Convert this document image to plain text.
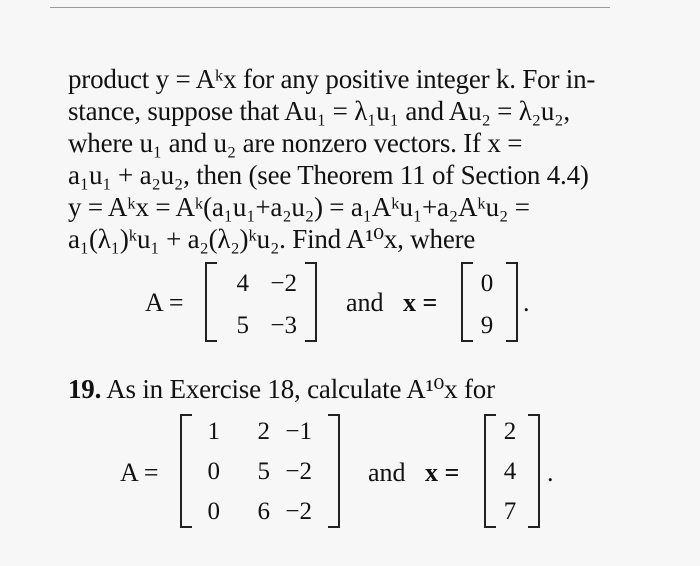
product y = Aᵏx for any positive integer k. For in-
stance, suppose that Au₁ = λ₁u₁ and Au₂ = λ₂u₂,
where u₁ and u₂ are nonzero vectors. If x =
a₁u₁ + a₂u₂, then (see Theorem 11 of Section 4.4)
y = Aᵏx = Aᵏ(a₁u₁+a₂u₂) = a₁Aᵏu₁+a₂Aᵏu₂ =
a₁(λ₁)ᵏu₁ + a₂(λ₂)ᵏu₂. Find A¹⁰x, where
A =
4 −2
5 −3
and x =
0
9
.
19. As in Exercise 18, calculate A¹⁰x for
A =
1	2 −1
0	5 −2
0	6 −2
and x =
2
4
7
.
